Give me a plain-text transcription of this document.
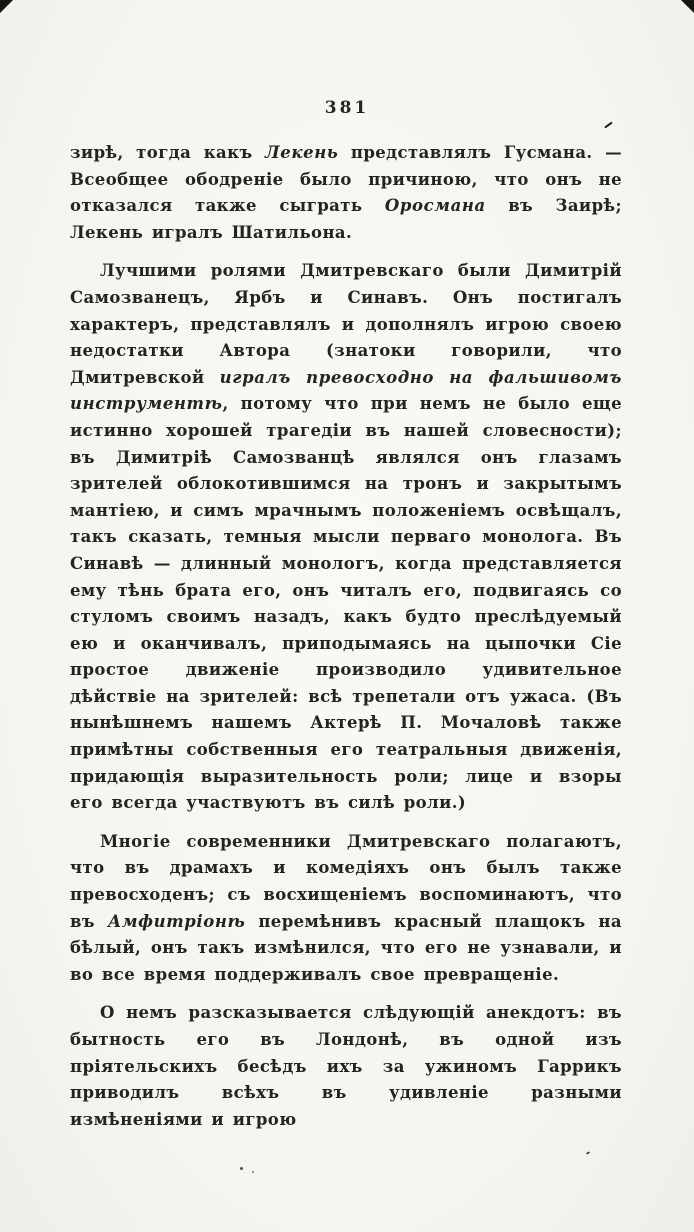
381

зирѣ, тогда какъ Лекень представлялъ Гусмана. — Всеобщее ободреніе было причиною, что онъ не отказался также сыграть Оросмана въ Заирѣ; Лекень игралъ Шатильона.

Лучшими ролями Дмитревскаго были Димитрій Самозванецъ, Ярбъ и Синавъ. Онъ постигалъ характеръ, представлялъ и дополнялъ игрою своею недостатки Автора (знатоки говорили, что Дмитревской игралъ превосходно на фальшивомъ инструментѣ, потому что при немъ не было еще истинно хорошей трагедіи въ нашей словесности); въ Димитріѣ Самозванцѣ являлся онъ глазамъ зрителей облокотившимся на тронъ и закрытымъ мантіею, и симъ мрачнымъ положеніемъ освѣщалъ, такъ сказать, темныя мысли перваго монолога. Въ Синавѣ — длинный монологъ, когда представляется ему тѣнь брата его, онъ читалъ его, подвигаясь со стуломъ своимъ назадъ, какъ будто преслѣдуемый ею и оканчивалъ, приподымаясь на цыпочки Сіе простое движеніе производило удивительное дѣйствіе на зрителей: всѣ трепетали отъ ужаса. (Въ нынѣшнемъ нашемъ Актерѣ П. Мочаловѣ также примѣтны собственныя его театральныя движенія, придающія выразительность роли; лице и взоры его всегда участвуютъ въ силѣ роли.)

Многіе современники Дмитревскаго полагаютъ, что въ драмахъ и комедіяхъ онъ былъ также превосходенъ; съ восхищеніемъ воспоминаютъ, что въ Амфитріонѣ перемѣнивъ красный плащокъ на бѣлый, онъ такъ измѣнился, что его не узнавали, и во все время поддерживалъ свое превращеніе.

О немъ разсказывается слѣдующій анекдотъ: въ бытность его въ Лондонѣ, въ одной изъ пріятельскихъ бесѣдъ ихъ за ужиномъ Гаррикъ приводилъ всѣхъ въ удивленіе разными измѣненіями и игрою
